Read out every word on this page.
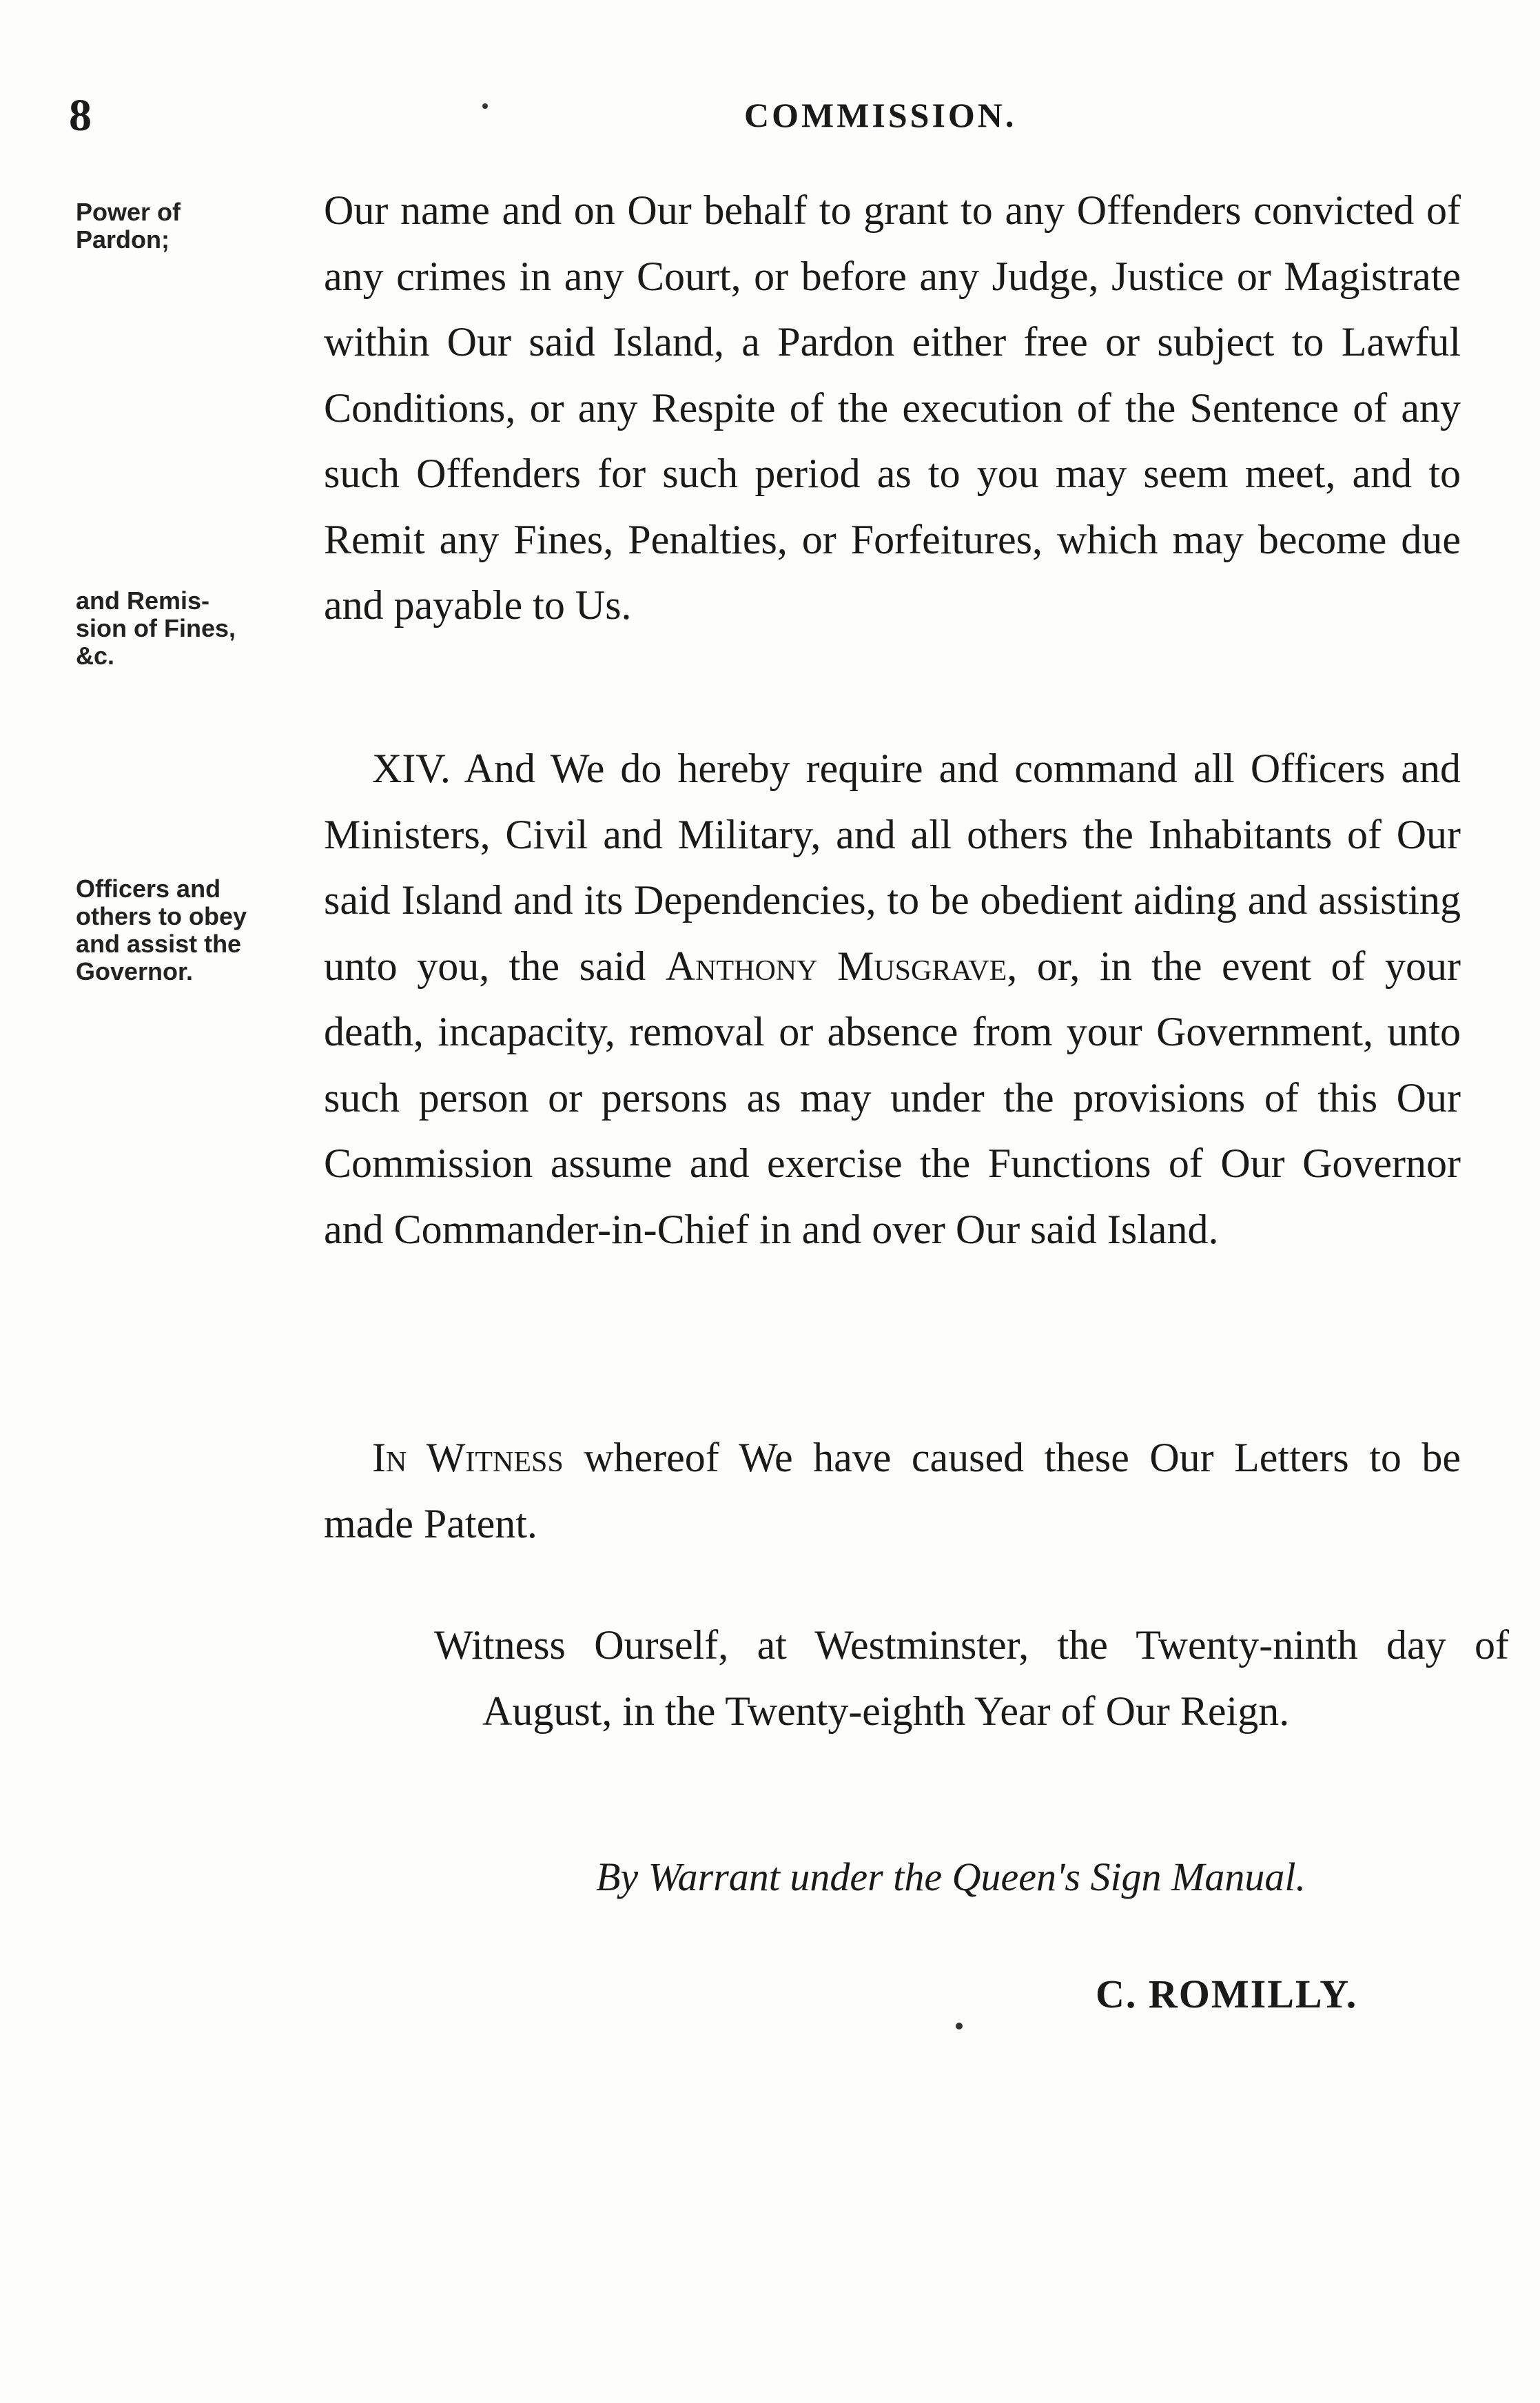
8	COMMISSION.
Power of
Pardon;
and Remis-
sion of Fines,
&c.
Officers and
others to obey
and assist the
Governor.
Our name and on Our behalf to grant to any Offenders convicted of any crimes in any Court, or before any Judge, Justice or Magistrate within Our said Island, a Pardon either free or subject to Lawful Conditions, or any Respite of the execution of the Sentence of any such Offenders for such period as to you may seem meet, and to Remit any Fines, Penalties, or Forfeitures, which may become due and payable to Us.
XIV. And We do hereby require and command all Officers and Ministers, Civil and Military, and all others the Inhabitants of Our said Island and its Dependencies, to be obedient aiding and assisting unto you, the said Anthony Musgrave, or, in the event of your death, incapacity, removal or absence from your Government, unto such person or persons as may under the provisions of this Our Commission assume and exercise the Functions of Our Governor and Commander-in-Chief in and over Our said Island.
In Witness whereof We have caused these Our Letters to be made Patent.
Witness Ourself, at Westminster, the Twenty-ninth day of August, in the Twenty-eighth Year of Our Reign.
By Warrant under the Queen's Sign Manual.
C. ROMILLY.
